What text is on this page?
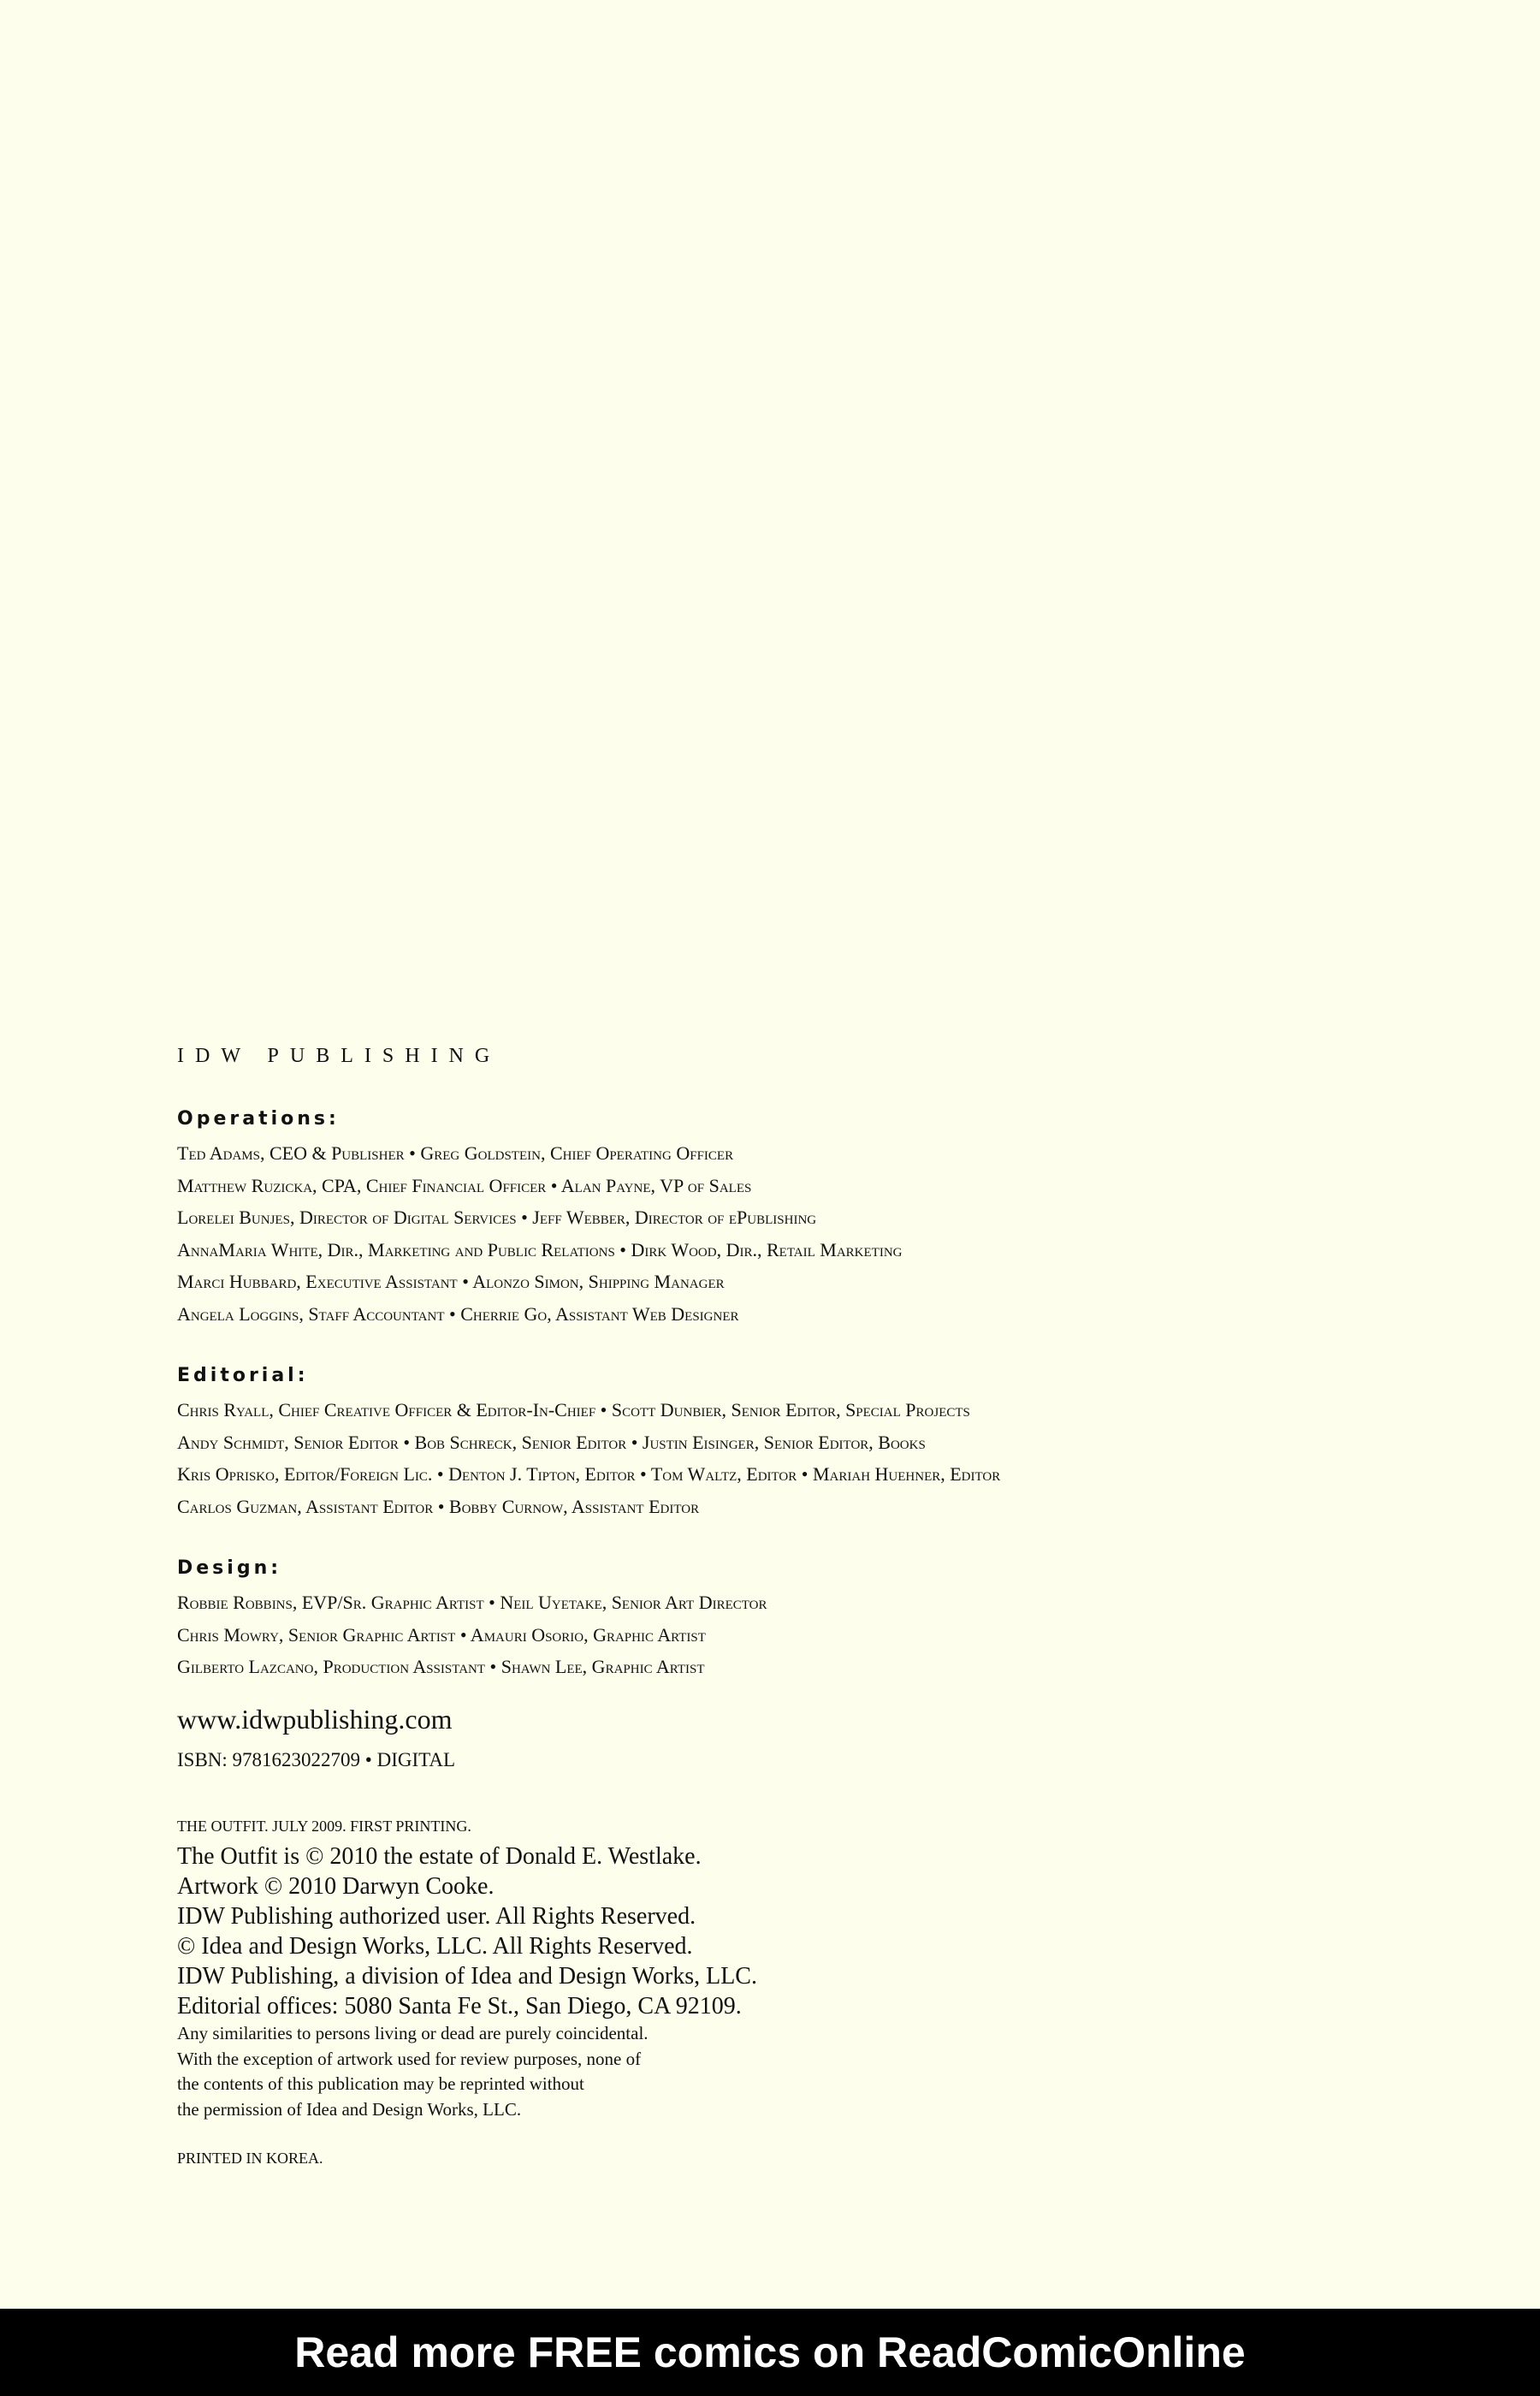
IDW PUBLISHING
Operations:
Ted Adams, CEO & Publisher • Greg Goldstein, Chief Operating Officer
Matthew Ruzicka, CPA, Chief Financial Officer • Alan Payne, VP of Sales
Lorelei Bunjes, Director of Digital Services • Jeff Webber, Director of ePublishing
AnnaMaria White, Dir., Marketing and Public Relations • Dirk Wood, Dir., Retail Marketing
Marci Hubbard, Executive Assistant • Alonzo Simon, Shipping Manager
Angela Loggins, Staff Accountant • Cherrie Go, Assistant Web Designer
Editorial:
Chris Ryall, Chief Creative Officer & Editor-In-Chief • Scott Dunbier, Senior Editor, Special Projects
Andy Schmidt, Senior Editor • Bob Schreck, Senior Editor • Justin Eisinger, Senior Editor, Books
Kris Oprisko, Editor/Foreign Lic. • Denton J. Tipton, Editor • Tom Waltz, Editor • Mariah Huehner, Editor
Carlos Guzman, Assistant Editor • Bobby Curnow, Assistant Editor
Design:
Robbie Robbins, EVP/Sr. Graphic Artist • Neil Uyetake, Senior Art Director
Chris Mowry, Senior Graphic Artist • Amauri Osorio, Graphic Artist
Gilberto Lazcano, Production Assistant • Shawn Lee, Graphic Artist
www.idwpublishing.com
ISBN: 9781623022709 • DIGITAL
THE OUTFIT. JULY 2009. FIRST PRINTING.
The Outfit is © 2010 the estate of Donald E. Westlake.
Artwork © 2010 Darwyn Cooke.
IDW Publishing authorized user. All Rights Reserved.
© Idea and Design Works, LLC. All Rights Reserved.
IDW Publishing, a division of Idea and Design Works, LLC.
Editorial offices: 5080 Santa Fe St., San Diego, CA 92109.
Any similarities to persons living or dead are purely coincidental.
With the exception of artwork used for review purposes, none of
the contents of this publication may be reprinted without
the permission of Idea and Design Works, LLC.
PRINTED IN KOREA.
Read more FREE comics on ReadComicOnline
